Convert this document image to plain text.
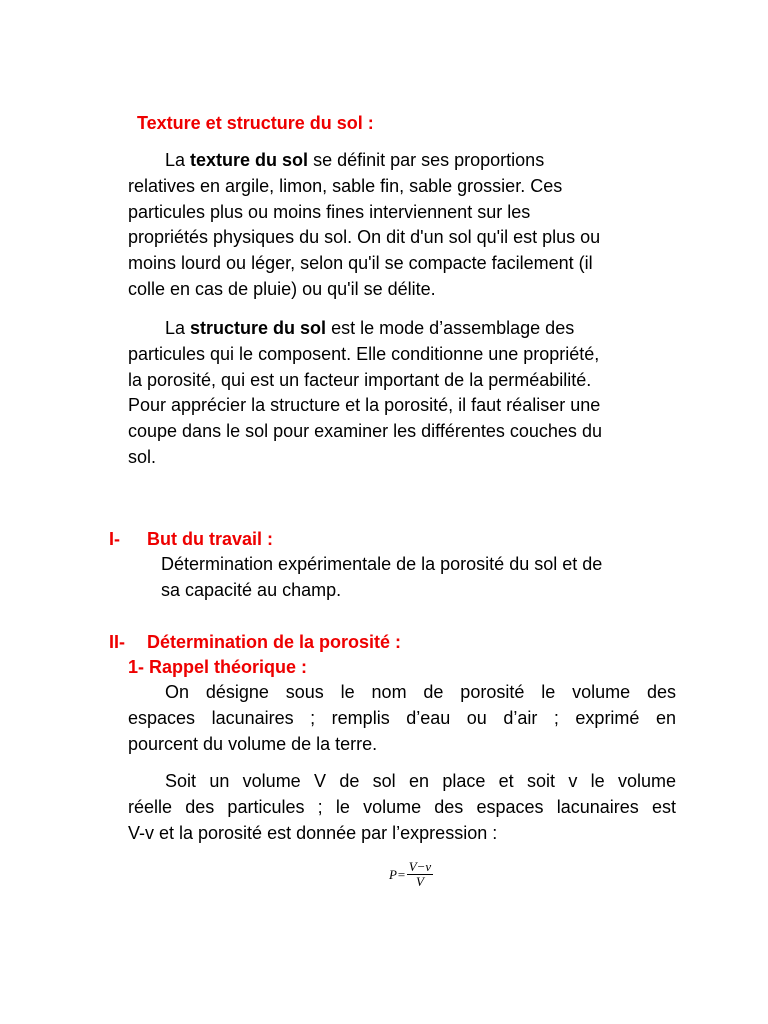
Texture et structure du sol :
La texture du sol se définit par ses proportions
relatives en argile, limon, sable fin, sable grossier. Ces
particules plus ou moins fines interviennent sur les
propriétés physiques du sol. On dit d'un sol qu'il est plus ou
moins lourd ou léger, selon qu'il se compacte facilement (il
colle en cas de pluie) ou qu'il se délite.
La structure du sol est le mode d’assemblage des
particules qui le composent. Elle conditionne une propriété,
la porosité, qui est un facteur important de la perméabilité.
Pour apprécier la structure et la porosité, il faut réaliser une
coupe dans le sol pour examiner les différentes couches du
sol.
I- But du travail :
Détermination expérimentale de la porosité du sol et de
sa capacité au champ.
II- Détermination de la porosité :
1- Rappel théorique :
On désigne sous le nom de porosité le volume des
espaces lacunaires ; remplis d’eau ou d’air ; exprimé en
pourcent du volume de la terre.
Soit un volume V de sol en place et soit v le volume
réelle des particules ; le volume des espaces lacunaires est
V-v et la porosité est donnée par l’expression :
$P= \frac{V-v}{V}$
